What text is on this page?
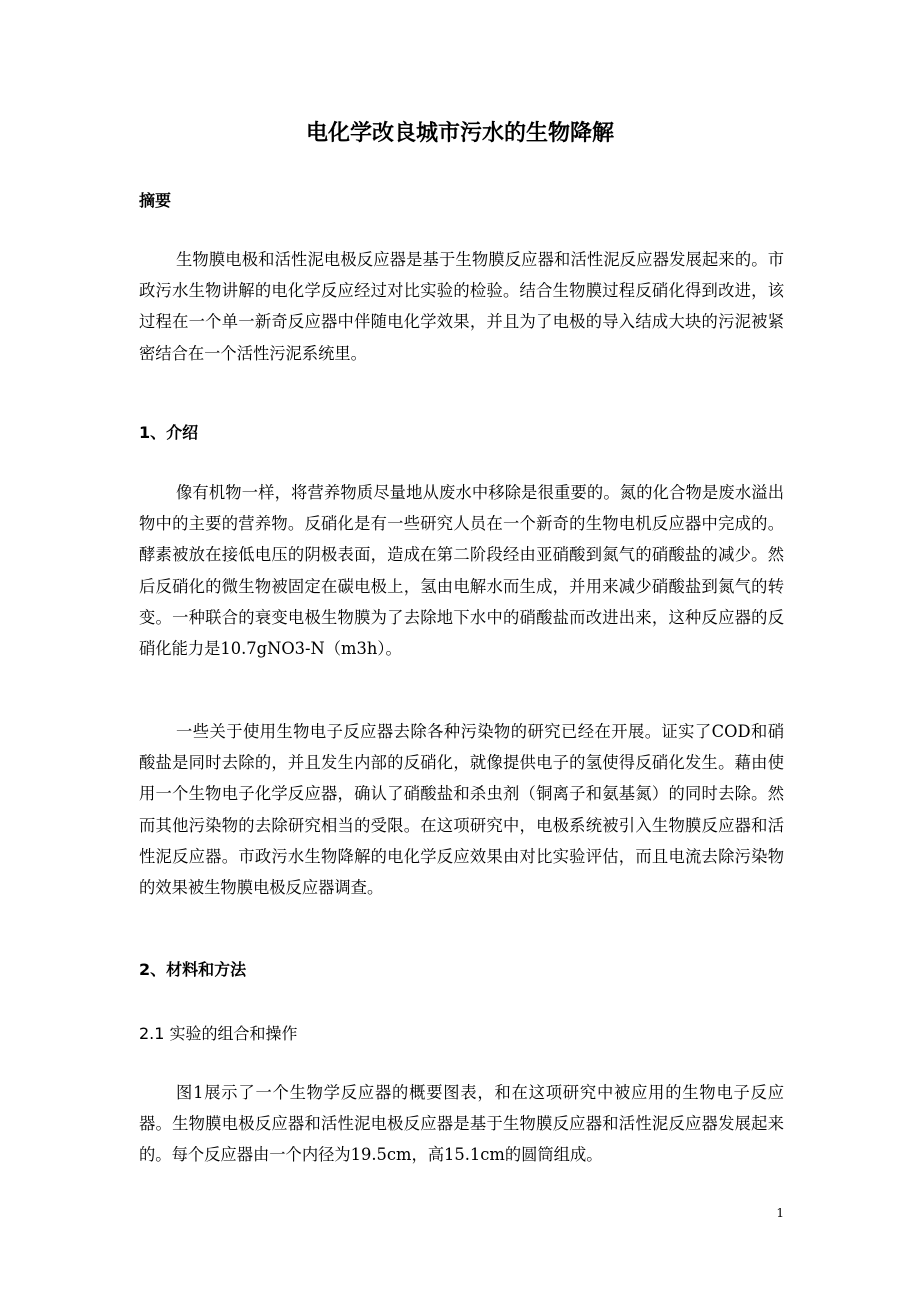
电化学改良城市污水的生物降解
摘要

生物膜电极和活性泥电极反应器是基于生物膜反应器和活性泥反应器发展起来的。市政污水生物讲解的电化学反应经过对比实验的检验。结合生物膜过程反硝化得到改进，该过程在一个单一新奇反应器中伴随电化学效果，并且为了电极的导入结成大块的污泥被紧密结合在一个活性污泥系统里。

1、介绍

像有机物一样，将营养物质尽量地从废水中移除是很重要的。氮的化合物是废水溢出物中的主要的营养物。反硝化是有一些研究人员在一个新奇的生物电机反应器中完成的。酵素被放在接低电压的阴极表面，造成在第二阶段经由亚硝酸到氮气的硝酸盐的减少。然后反硝化的微生物被固定在碳电极上，氢由电解水而生成，并用来减少硝酸盐到氮气的转变。一种联合的衰变电极生物膜为了去除地下水中的硝酸盐而改进出来，这种反应器的反硝化能力是10.7gNO3-N（m3h）。

一些关于使用生物电子反应器去除各种污染物的研究已经在开展。证实了COD和硝酸盐是同时去除的，并且发生内部的反硝化，就像提供电子的氢使得反硝化发生。藉由使用一个生物电子化学反应器，确认了硝酸盐和杀虫剂（铜离子和氨基氮）的同时去除。然而其他污染物的去除研究相当的受限。在这项研究中，电极系统被引入生物膜反应器和活性泥反应器。市政污水生物降解的电化学反应效果由对比实验评估，而且电流去除污染物的效果被生物膜电极反应器调查。

2、材料和方法
2.1 实验的组合和操作

图1展示了一个生物学反应器的概要图表，和在这项研究中被应用的生物电子反应器。生物膜电极反应器和活性泥电极反应器是基于生物膜反应器和活性泥反应器发展起来的。每个反应器由一个内径为19.5cm，高15.1cm的圆筒组成。

1
